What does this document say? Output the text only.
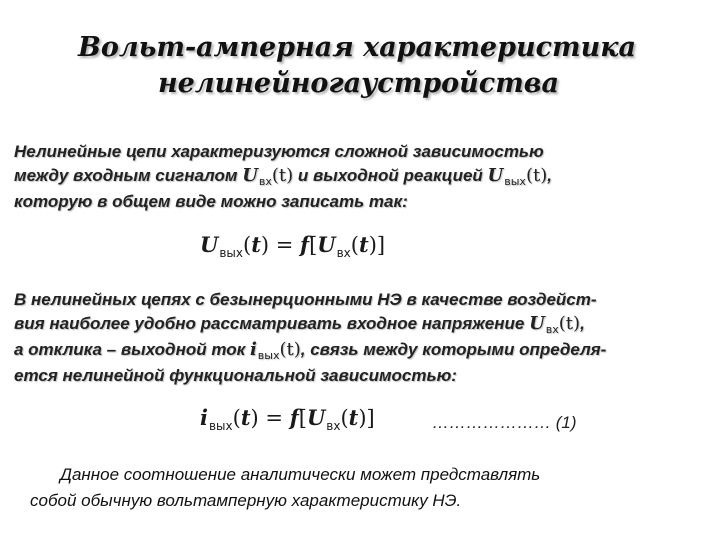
Вольт-амперная характеристика
нелинейногаустройства
Нелинейные цепи характеризуются сложной зависимостью
между входным сигналом $U_{вх}(t)$ и выходной реакцией $U_{вых}(t)$,
которую в общем виде можно записать так:
$U_{вых}(t) = f[U_{вх}(t)]$
В нелинейных цепях с безынерционными НЭ в качестве воздейст-
вия наиболее удобно рассматривать входное напряжение $U_{вх}(t)$,
а отклика – выходной ток $i_{вых}(t)$, связь между которыми определя-
ется нелинейной функциональной зависимостью:
$i_{вых}(t) = f[U_{вх}(t)]$	………………… (1)
Данное соотношение аналитически может представлять
собой обычную вольтамперную характеристику НЭ.
